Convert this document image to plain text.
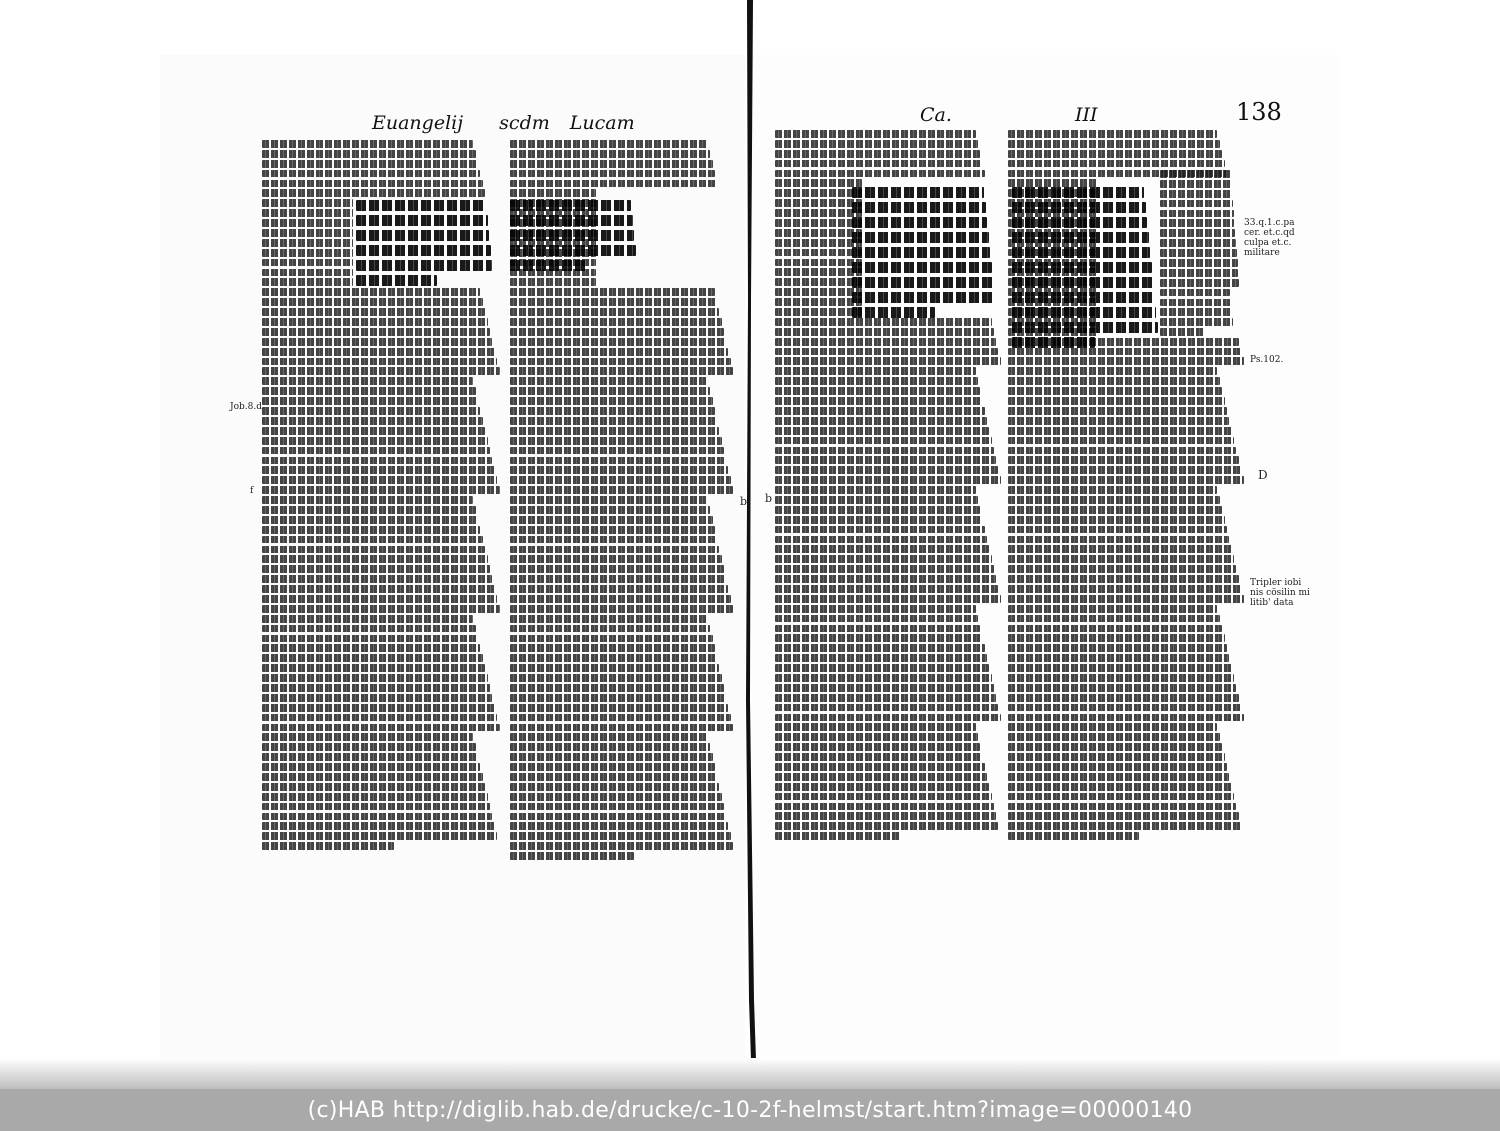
Euangelij scdm Lucam	Ca.	III	138
Job.8.d
f
Ps.102.
D
Tripler iobi
nis cösilin mi
litib' data
33.q.1.c.pa
cer. et.c.qd
culpa et.c.
militare
b
b
(c)HAB http://diglib.hab.de/drucke/c-10-2f-helmst/start.htm?image=00000140
